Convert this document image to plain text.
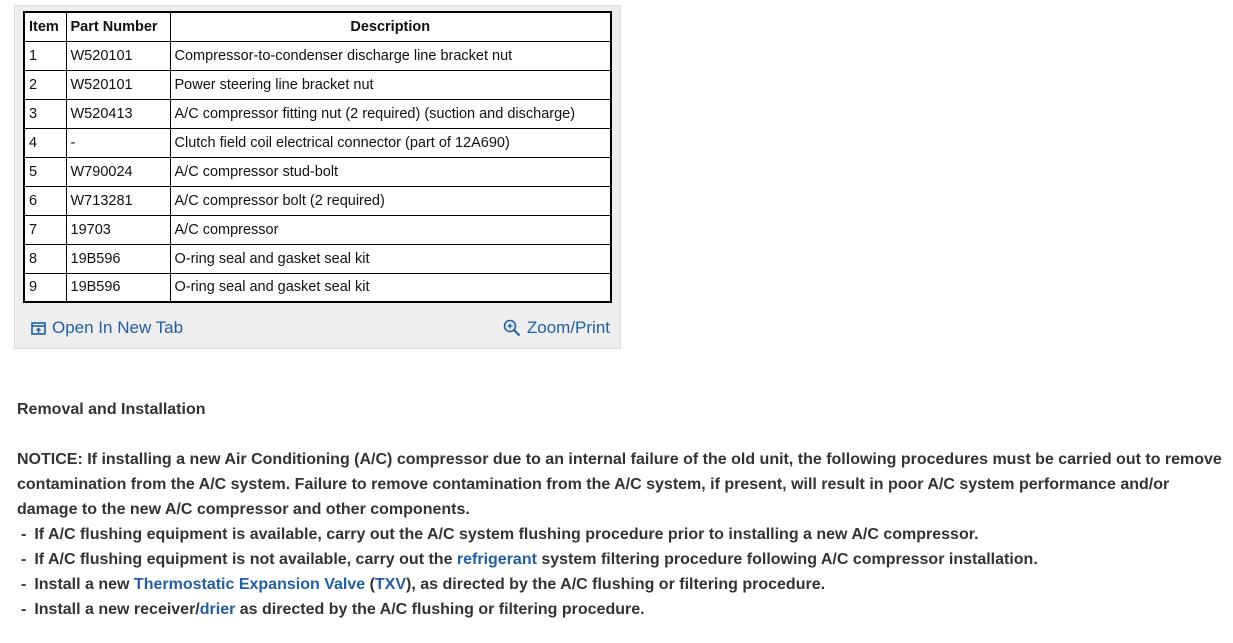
Item	Part Number	Description
1	W520101	Compressor-to-condenser discharge line bracket nut
2	W520101	Power steering line bracket nut
3	W520413	A/C compressor fitting nut (2 required) (suction and discharge)
4	-	Clutch field coil electrical connector (part of 12A690)
5	W790024	A/C compressor stud-bolt
6	W713281	A/C compressor bolt (2 required)
7	19703	A/C compressor
8	19B596	O-ring seal and gasket seal kit
9	19B596	O-ring seal and gasket seal kit
Open In New Tab	Zoom/Print

Removal and Installation

NOTICE: If installing a new Air Conditioning (A/C) compressor due to an internal failure of the old unit, the following procedures must be carried out to remove contamination from the A/C system. Failure to remove contamination from the A/C system, if present, will result in poor A/C system performance and/or damage to the new A/C compressor and other components.

- If A/C flushing equipment is available, carry out the A/C system flushing procedure prior to installing a new A/C compressor.
- If A/C flushing equipment is not available, carry out the refrigerant system filtering procedure following A/C compressor installation.
- Install a new Thermostatic Expansion Valve (TXV), as directed by the A/C flushing or filtering procedure.
- Install a new receiver/drier as directed by the A/C flushing or filtering procedure.
